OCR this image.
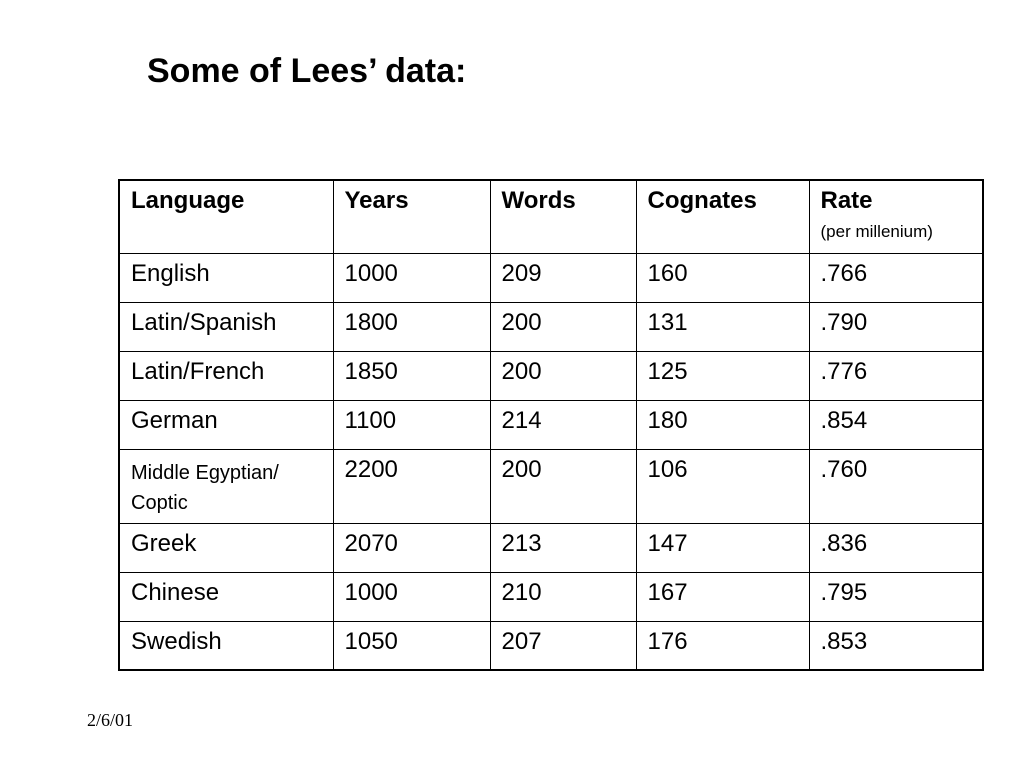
Some of Lees’ data:
Language	Years	Words	Cognates	Rate
(per millenium)

English	1000	209	160	.766
Latin/Spanish	1800	200	131	.790
Latin/French	1850	200	125	.776
German	1100	214	180	.854
Middle Egyptian/ Coptic	2200	200	106	.760
Greek	2070	213	147	.836
Chinese	1000	210	167	.795
Swedish	1050	207	176	.853
2/6/01
